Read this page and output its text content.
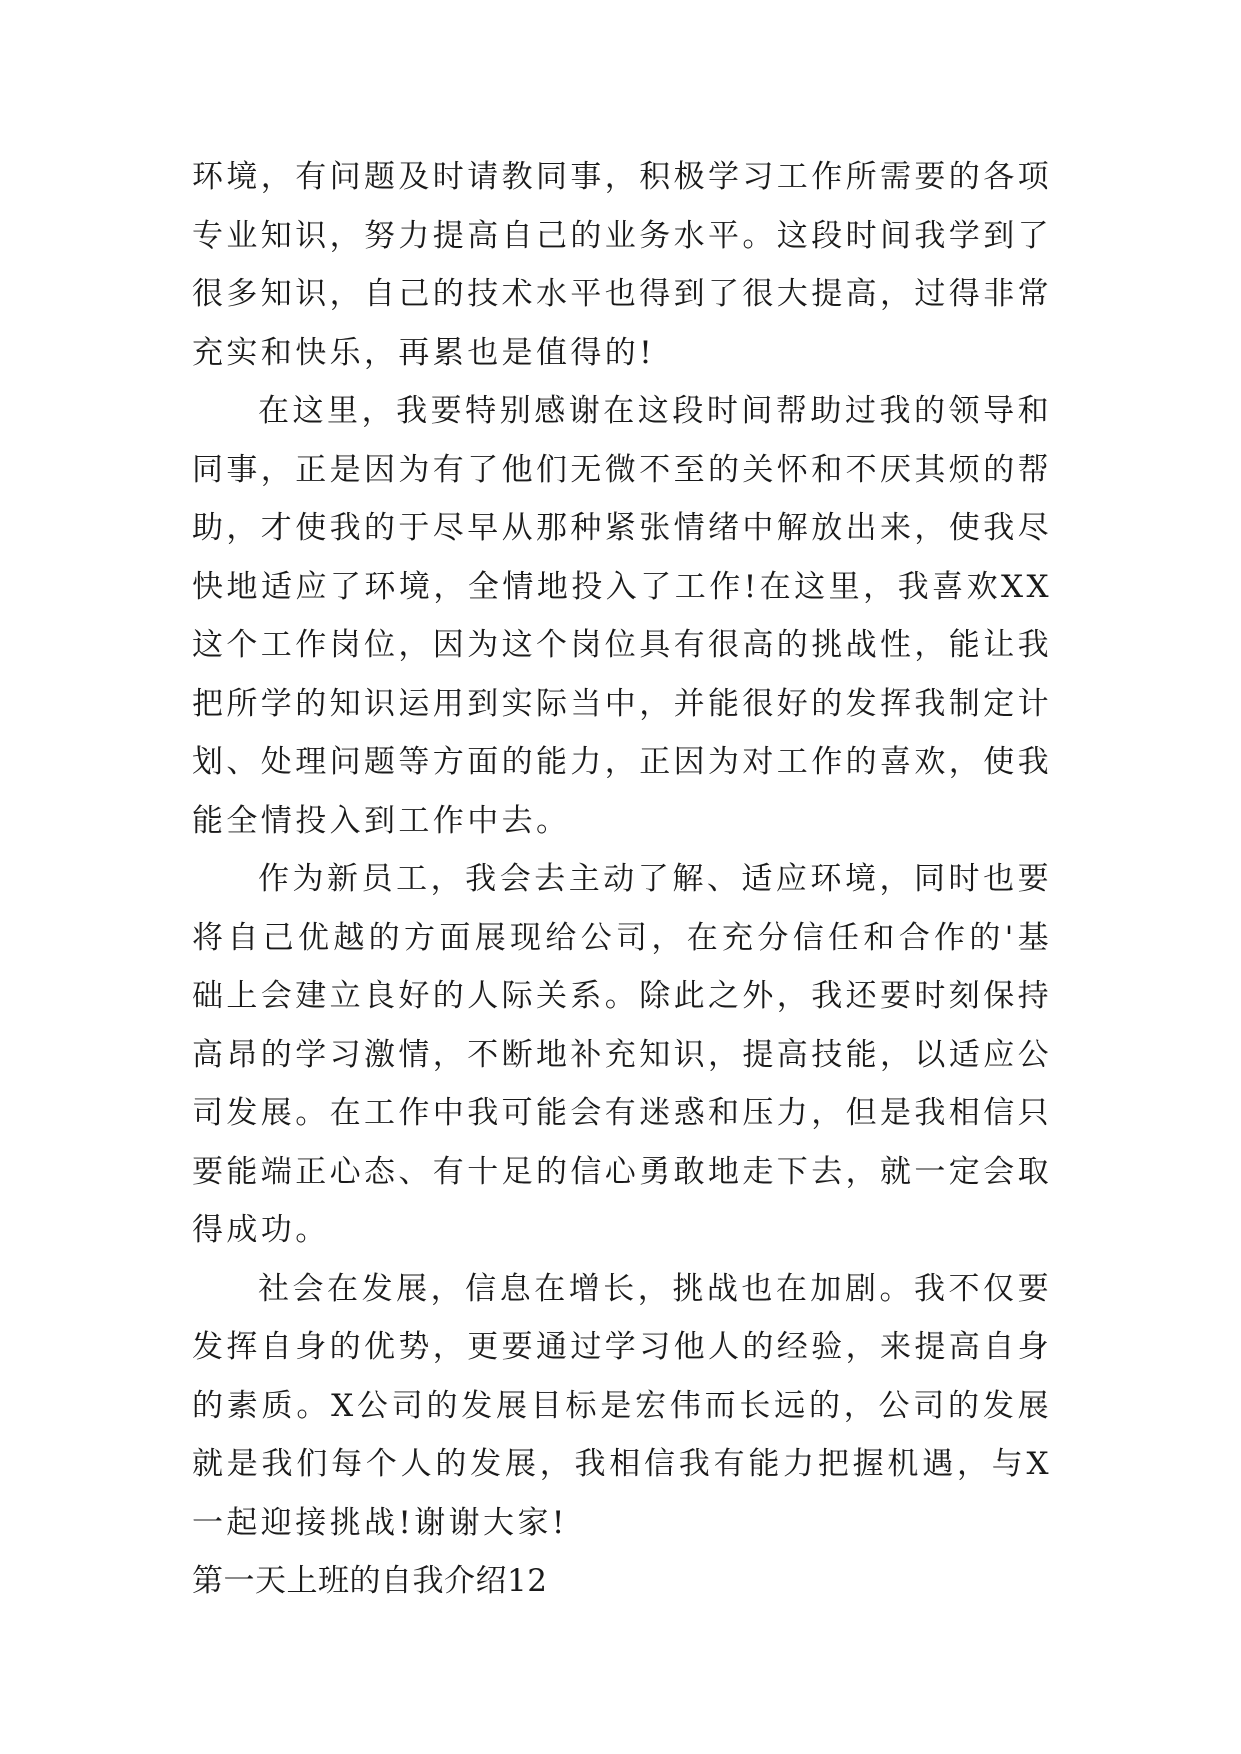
环境，有问题及时请教同事，积极学习工作所需要的各项专业知识，努力提高自己的业务水平。这段时间我学到了很多知识，自己的技术水平也得到了很大提高，过得非常充实和快乐，再累也是值得的!

在这里，我要特别感谢在这段时间帮助过我的领导和同事，正是因为有了他们无微不至的关怀和不厌其烦的帮助，才使我的于尽早从那种紧张情绪中解放出来，使我尽快地适应了环境，全情地投入了工作!在这里，我喜欢XX这个工作岗位，因为这个岗位具有很高的挑战性，能让我把所学的知识运用到实际当中，并能很好的发挥我制定计划、处理问题等方面的能力，正因为对工作的喜欢，使我能全情投入到工作中去。

作为新员工，我会去主动了解、适应环境，同时也要将自己优越的方面展现给公司，在充分信任和合作的'基础上会建立良好的人际关系。除此之外，我还要时刻保持高昂的学习激情，不断地补充知识，提高技能，以适应公司发展。在工作中我可能会有迷惑和压力，但是我相信只要能端正心态、有十足的信心勇敢地走下去，就一定会取得成功。

社会在发展，信息在增长，挑战也在加剧。我不仅要发挥自身的优势，更要通过学习他人的经验，来提高自身的素质。X公司的发展目标是宏伟而长远的，公司的发展就是我们每个人的发展，我相信我有能力把握机遇，与X一起迎接挑战!谢谢大家!

第一天上班的自我介绍12
